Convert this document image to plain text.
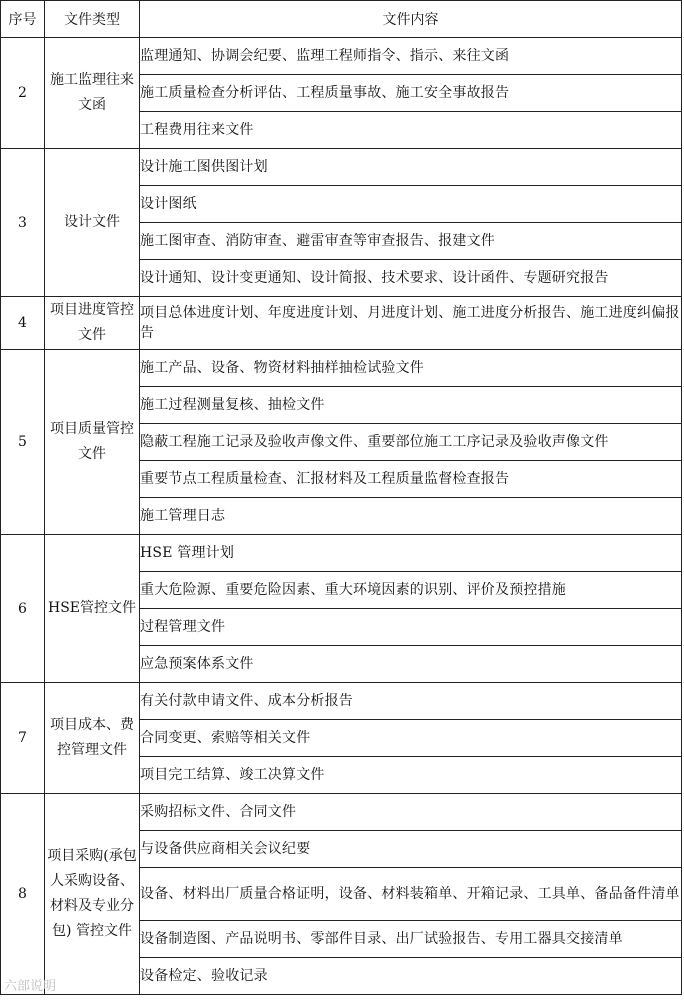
序号	文件类型	文件内容
2	施工监理往来文函	监理通知、协调会纪要、监理工程师指令、指示、来往文函
		施工质量检查分析评估、工程质量事故、施工安全事故报告
		工程费用往来文件
3	设计文件	设计施工图供图计划
		设计图纸
		施工图审查、消防审查、避雷审查等审查报告、报建文件
		设计通知、设计变更通知、设计简报、技术要求、设计函件、专题研究报告
4	项目进度管控文件	项目总体进度计划、年度进度计划、月进度计划、施工进度分析报告、施工进度纠偏报告
5	项目质量管控文件	施工产品、设备、物资材料抽样抽检试验文件
		施工过程测量复核、抽检文件
		隐蔽工程施工记录及验收声像文件、重要部位施工工序记录及验收声像文件
		重要节点工程质量检查、汇报材料及工程质量监督检查报告
		施工管理日志
6	HSE管控文件	HSE 管理计划
		重大危险源、重要危险因素、重大环境因素的识别、评价及预控措施
		过程管理文件
		应急预案体系文件
7	项目成本、费控管理文件	有关付款申请文件、成本分析报告
		合同变更、索赔等相关文件
		项目完工结算、竣工决算文件
8	项目采购(承包人采购设备、材料及专业分包) 管控文件	采购招标文件、合同文件
		与设备供应商相关会议纪要
		设备、材料出厂质量合格证明，设备、材料装箱单、开箱记录、工具单、备品备件清单
		设备制造图、产品说明书、零部件目录、出厂试验报告、专用工器具交接清单
		设备检定、验收记录
六部说明
